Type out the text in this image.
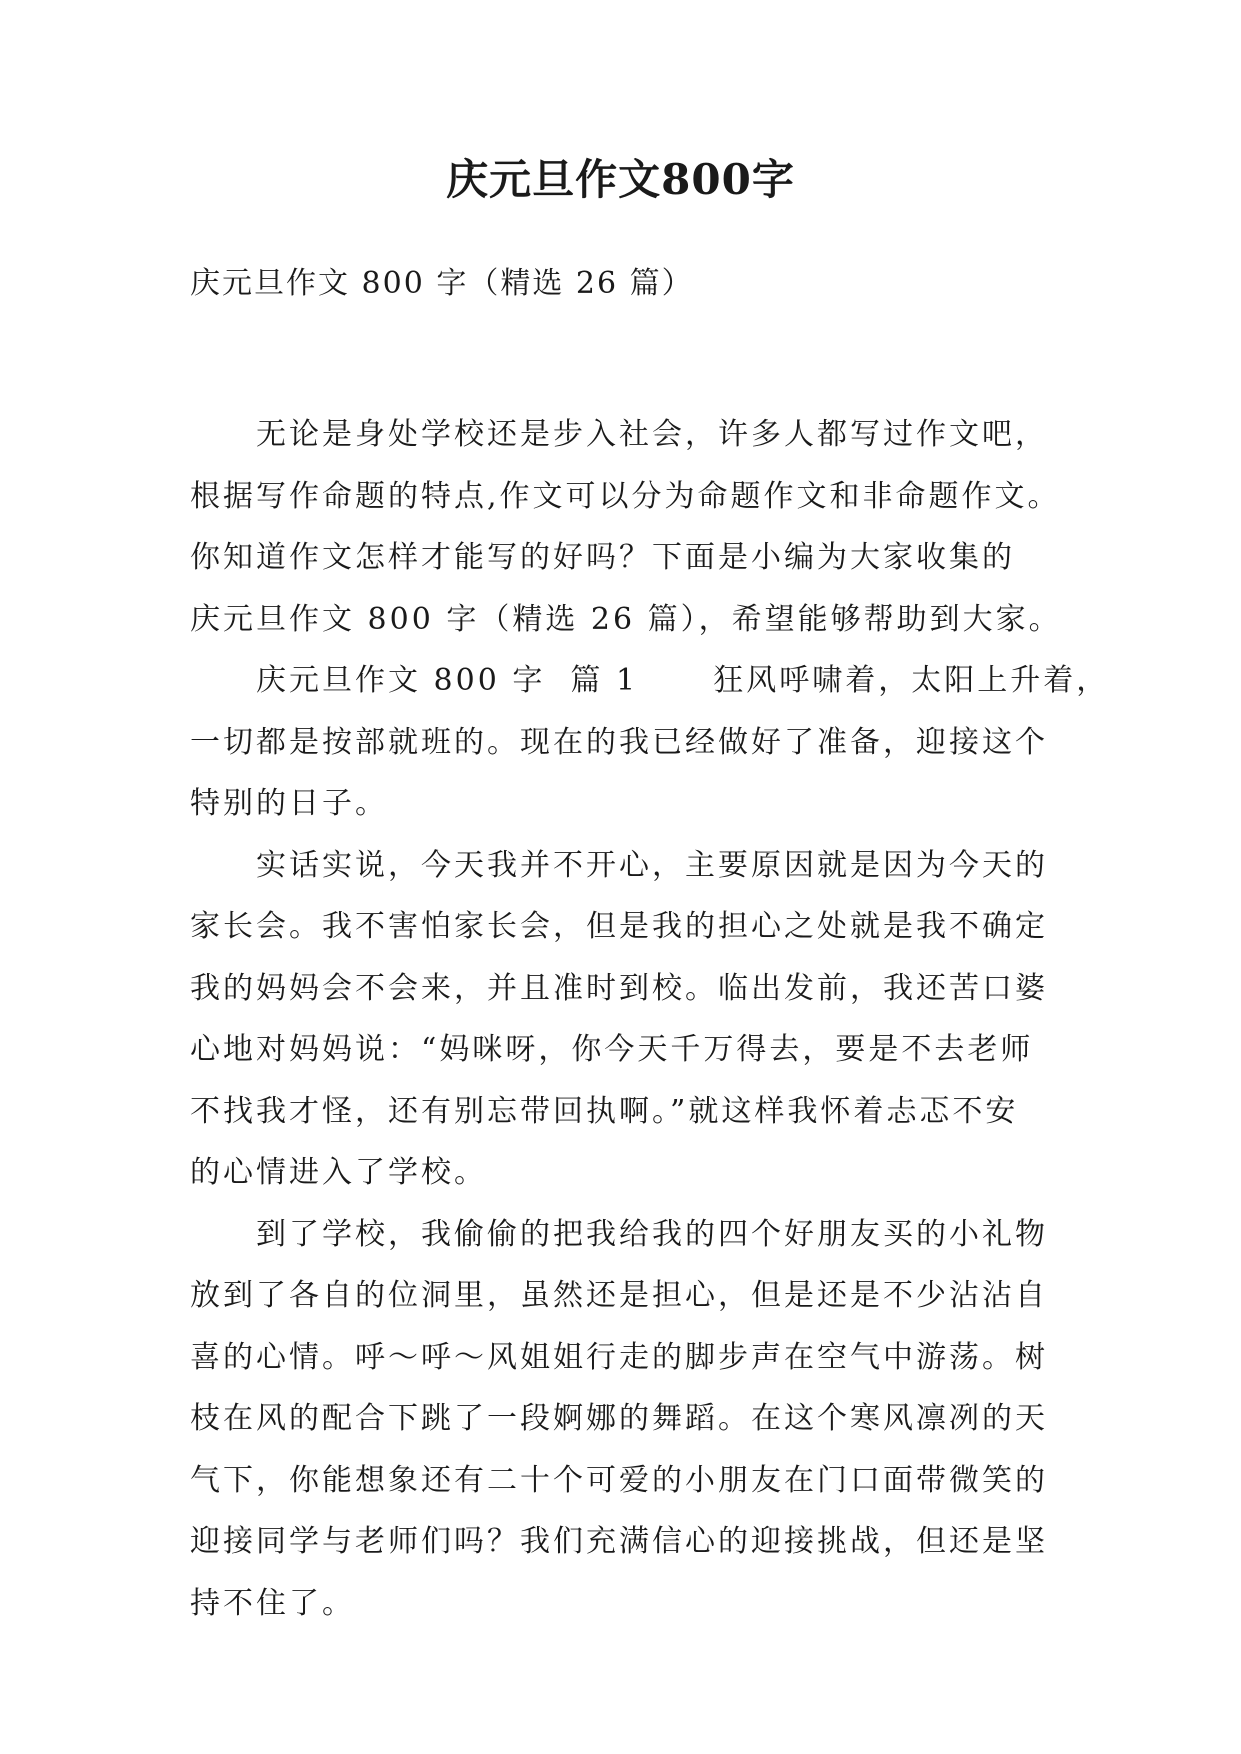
庆元旦作文800字

庆元旦作文 800 字（精选 26 篇）

无论是身处学校还是步入社会，许多人都写过作文吧，
根据写作命题的特点,作文可以分为命题作文和非命题作文。
你知道作文怎样才能写的好吗？下面是小编为大家收集的
庆元旦作文 800 字（精选 26 篇），希望能够帮助到大家。

庆元旦作文 800 字  篇 1      狂风呼啸着，太阳上升着，
一切都是按部就班的。现在的我已经做好了准备，迎接这个
特别的日子。

实话实说，今天我并不开心，主要原因就是因为今天的
家长会。我不害怕家长会，但是我的担心之处就是我不确定
我的妈妈会不会来，并且准时到校。临出发前，我还苦口婆
心地对妈妈说：“妈咪呀，你今天千万得去，要是不去老师
不找我才怪，还有别忘带回执啊。”就这样我怀着忐忑不安
的心情进入了学校。

到了学校，我偷偷的把我给我的四个好朋友买的小礼物
放到了各自的位洞里，虽然还是担心，但是还是不少沾沾自
喜的心情。呼～呼～风姐姐行走的脚步声在空气中游荡。树
枝在风的配合下跳了一段婀娜的舞蹈。在这个寒风凛冽的天
气下，你能想象还有二十个可爱的小朋友在门口面带微笑的
迎接同学与老师们吗？我们充满信心的迎接挑战，但还是坚
持不住了。
